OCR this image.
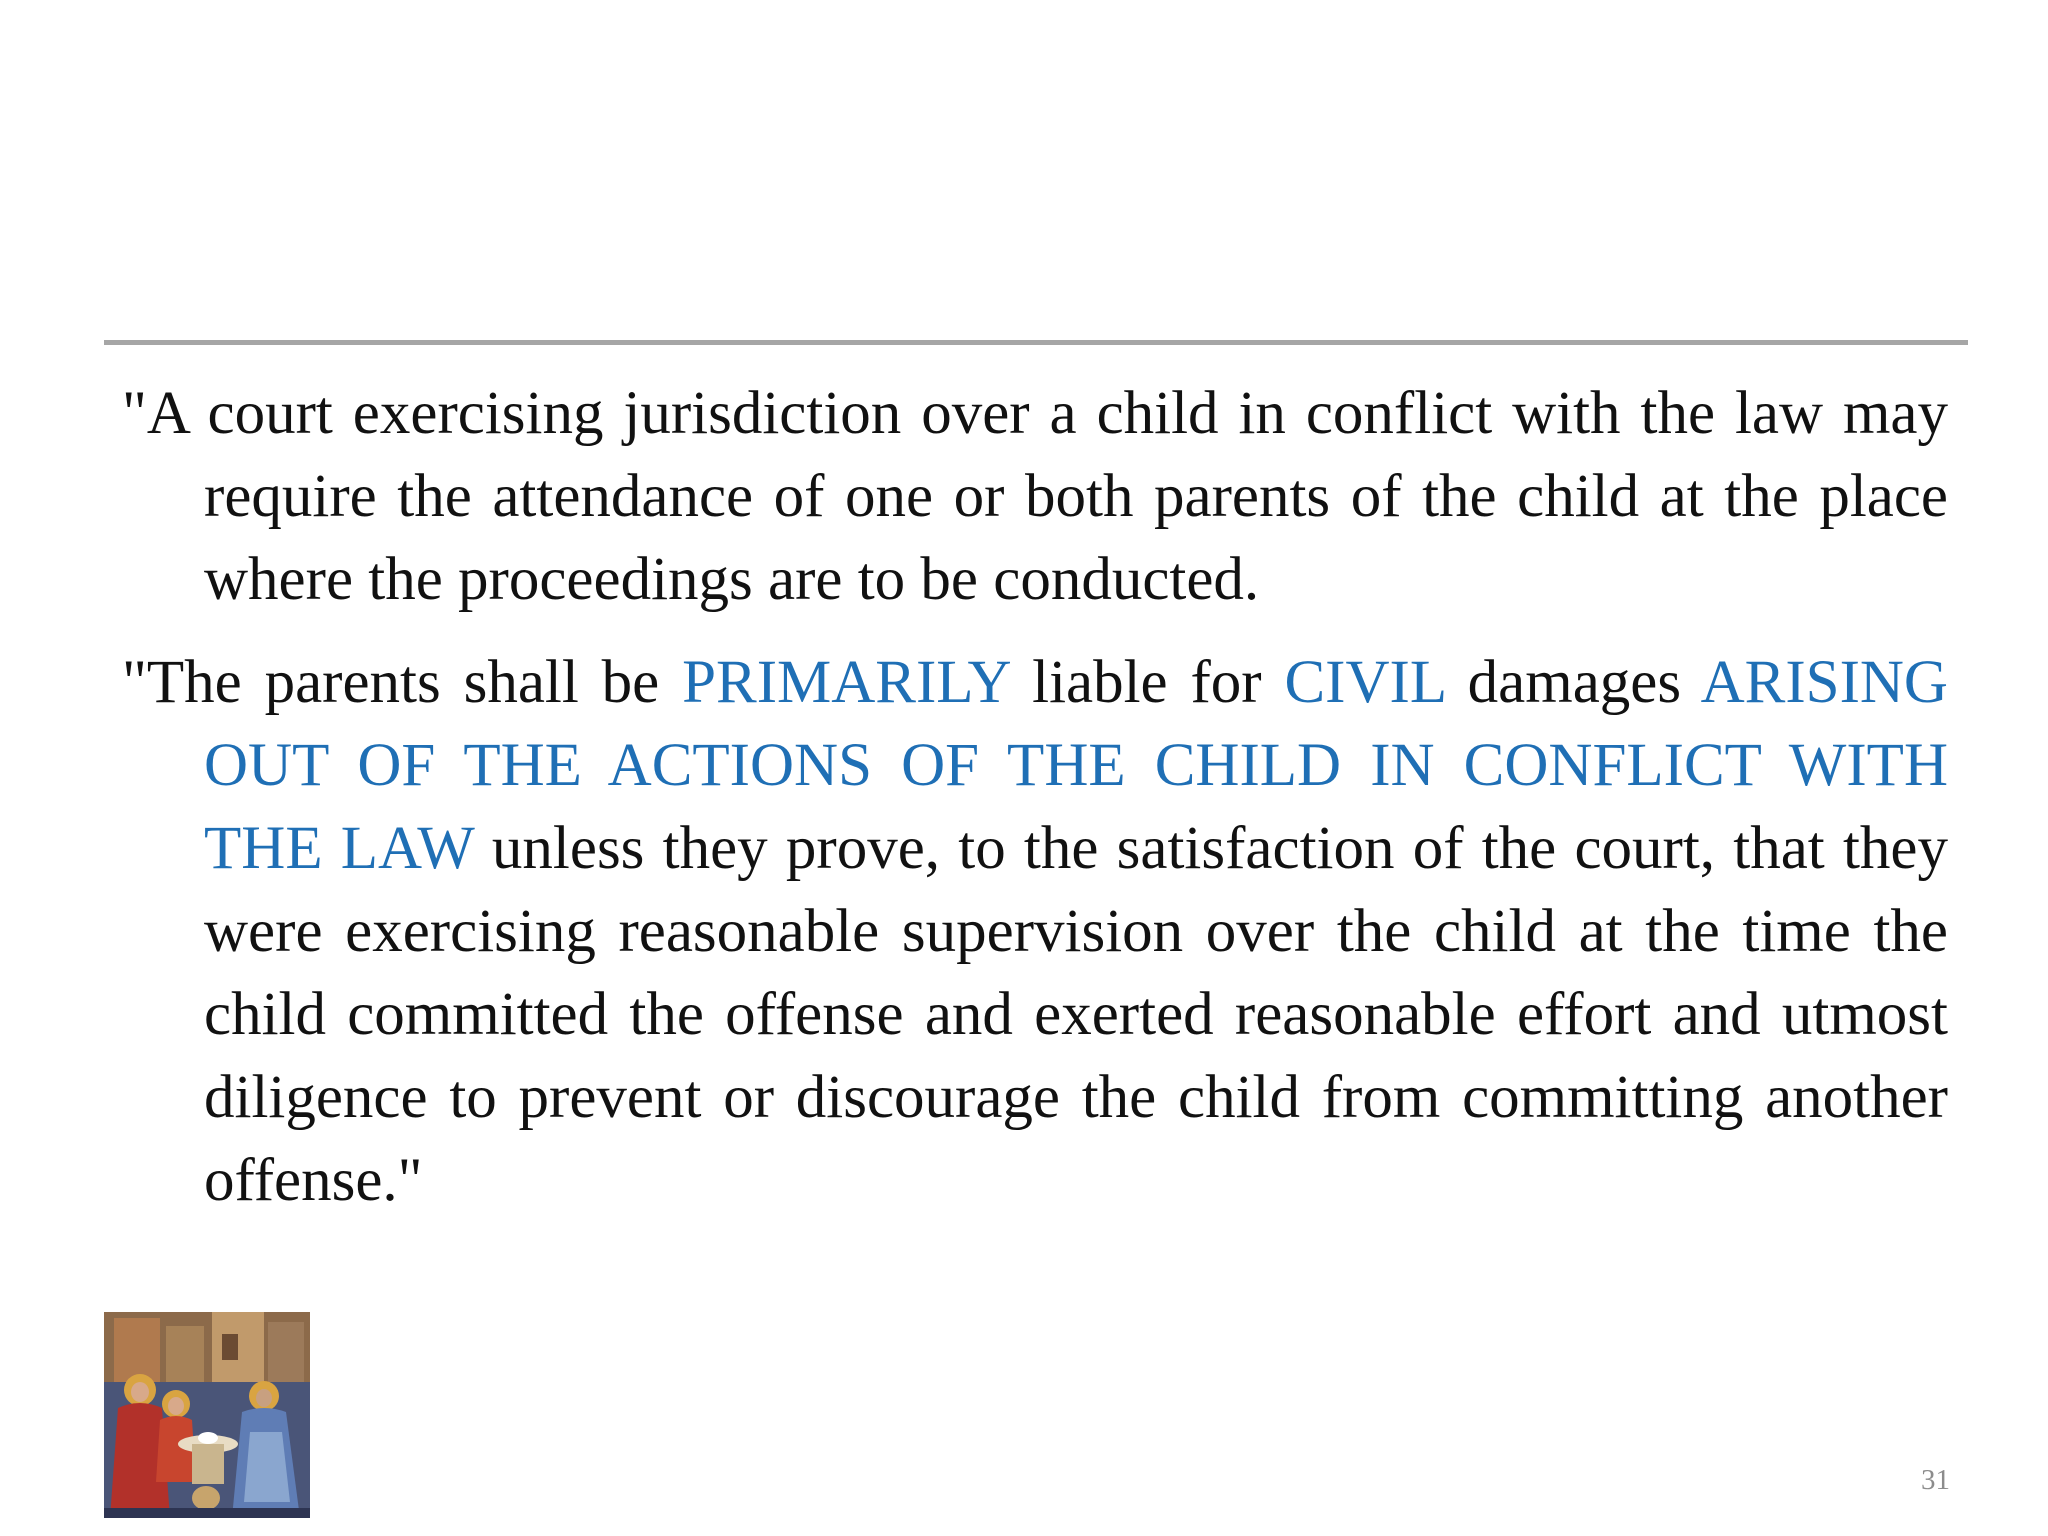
"A court exercising jurisdiction over a child in conflict with the law may require the attendance of one or both parents of the child at the place where the proceedings are to be conducted.

"The parents shall be PRIMARILY liable for CIVIL damages ARISING OUT OF THE ACTIONS OF THE CHILD IN CONFLICT WITH THE LAW unless they prove, to the satisfaction of the court, that they were exercising reasonable supervision over the child at the time the child committed the offense and exerted reasonable effort and utmost diligence to prevent or discourage the child from committing another offense."

31
